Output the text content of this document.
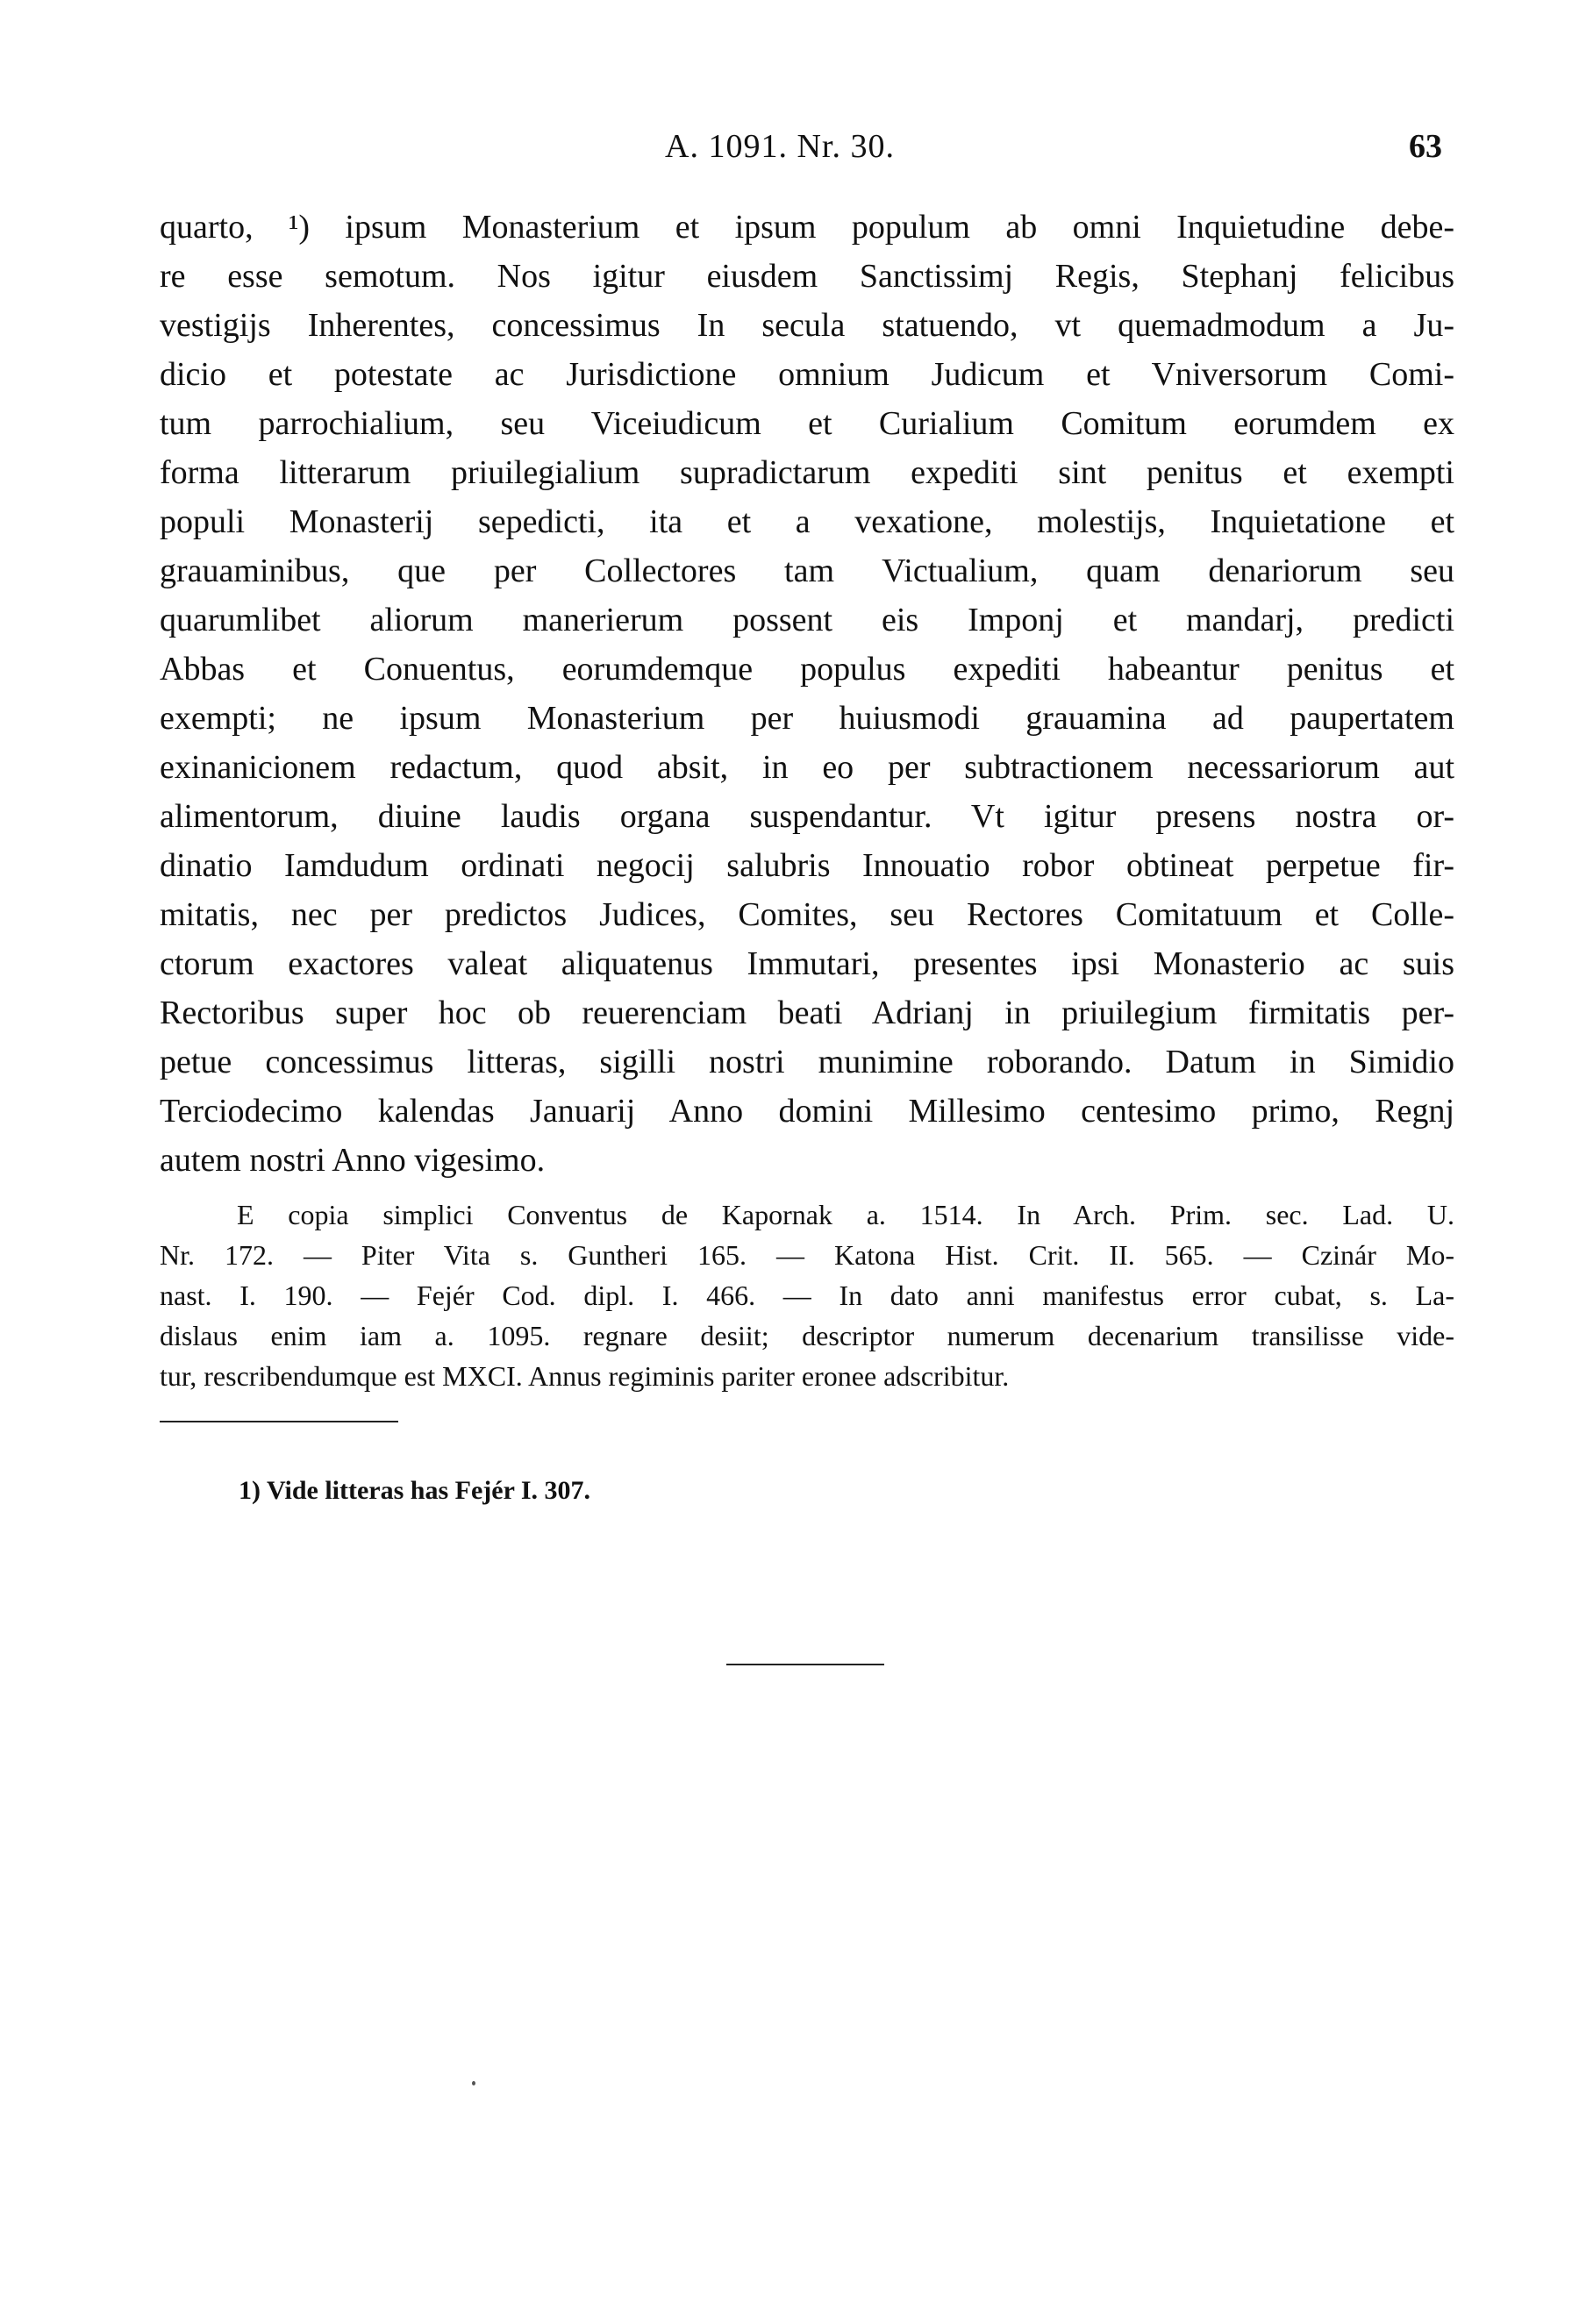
A. 1091. Nr. 30.	63
quarto, ¹) ipsum Monasterium et ipsum populum ab omni Inquietudine debe-
re esse semotum. Nos igitur eiusdem Sanctissimj Regis, Stephanj felicibus
vestigijs Inherentes, concessimus In secula statuendo, vt quemadmodum a Ju-
dicio et potestate ac Jurisdictione omnium Judicum et Vniversorum Comi-
tum parrochialium, seu Viceiudicum et Curialium Comitum eorumdem ex
forma litterarum priuilegialium supradictarum expediti sint penitus et exempti
populi Monasterij sepedicti, ita et a vexatione, molestijs, Inquietatione et
grauaminibus, que per Collectores tam Victualium, quam denariorum seu
quarumlibet aliorum manerierum possent eis Imponj et mandarj, predicti
Abbas et Conuentus, eorumdemque populus expediti habeantur penitus et
exempti; ne ipsum Monasterium per huiusmodi grauamina ad paupertatem
exinanicionem redactum, quod absit, in eo per subtractionem necessariorum aut
alimentorum, diuine laudis organa suspendantur. Vt igitur presens nostra or-
dinatio Iamdudum ordinati negocij salubris Innouatio robor obtineat perpetue fir-
mitatis, nec per predictos Judices, Comites, seu Rectores Comitatuum et Colle-
ctorum exactores valeat aliquatenus Immutari, presentes ipsi Monasterio ac suis
Rectoribus super hoc ob reuerenciam beati Adrianj in priuilegium firmitatis per-
petue concessimus litteras, sigilli nostri munimine roborando. Datum in Simidio
Terciodecimo kalendas Januarij Anno domini Millesimo centesimo primo, Regnj
autem nostri Anno vigesimo.
E copia simplici Conventus de Kapornak a. 1514. In Arch. Prim. sec. Lad. U.
Nr. 172. — Piter Vita s. Guntheri 165. — Katona Hist. Crit. II. 565. — Czinár Mo-
nast. I. 190. — Fejér Cod. dipl. I. 466. — In dato anni manifestus error cubat, s. La-
dislaus enim iam a. 1095. regnare desiit; descriptor numerum decenarium transilisse vide-
tur, rescribendumque est MXCI. Annus regiminis pariter eronee adscribitur.
1) Vide litteras has Fejér I. 307.
